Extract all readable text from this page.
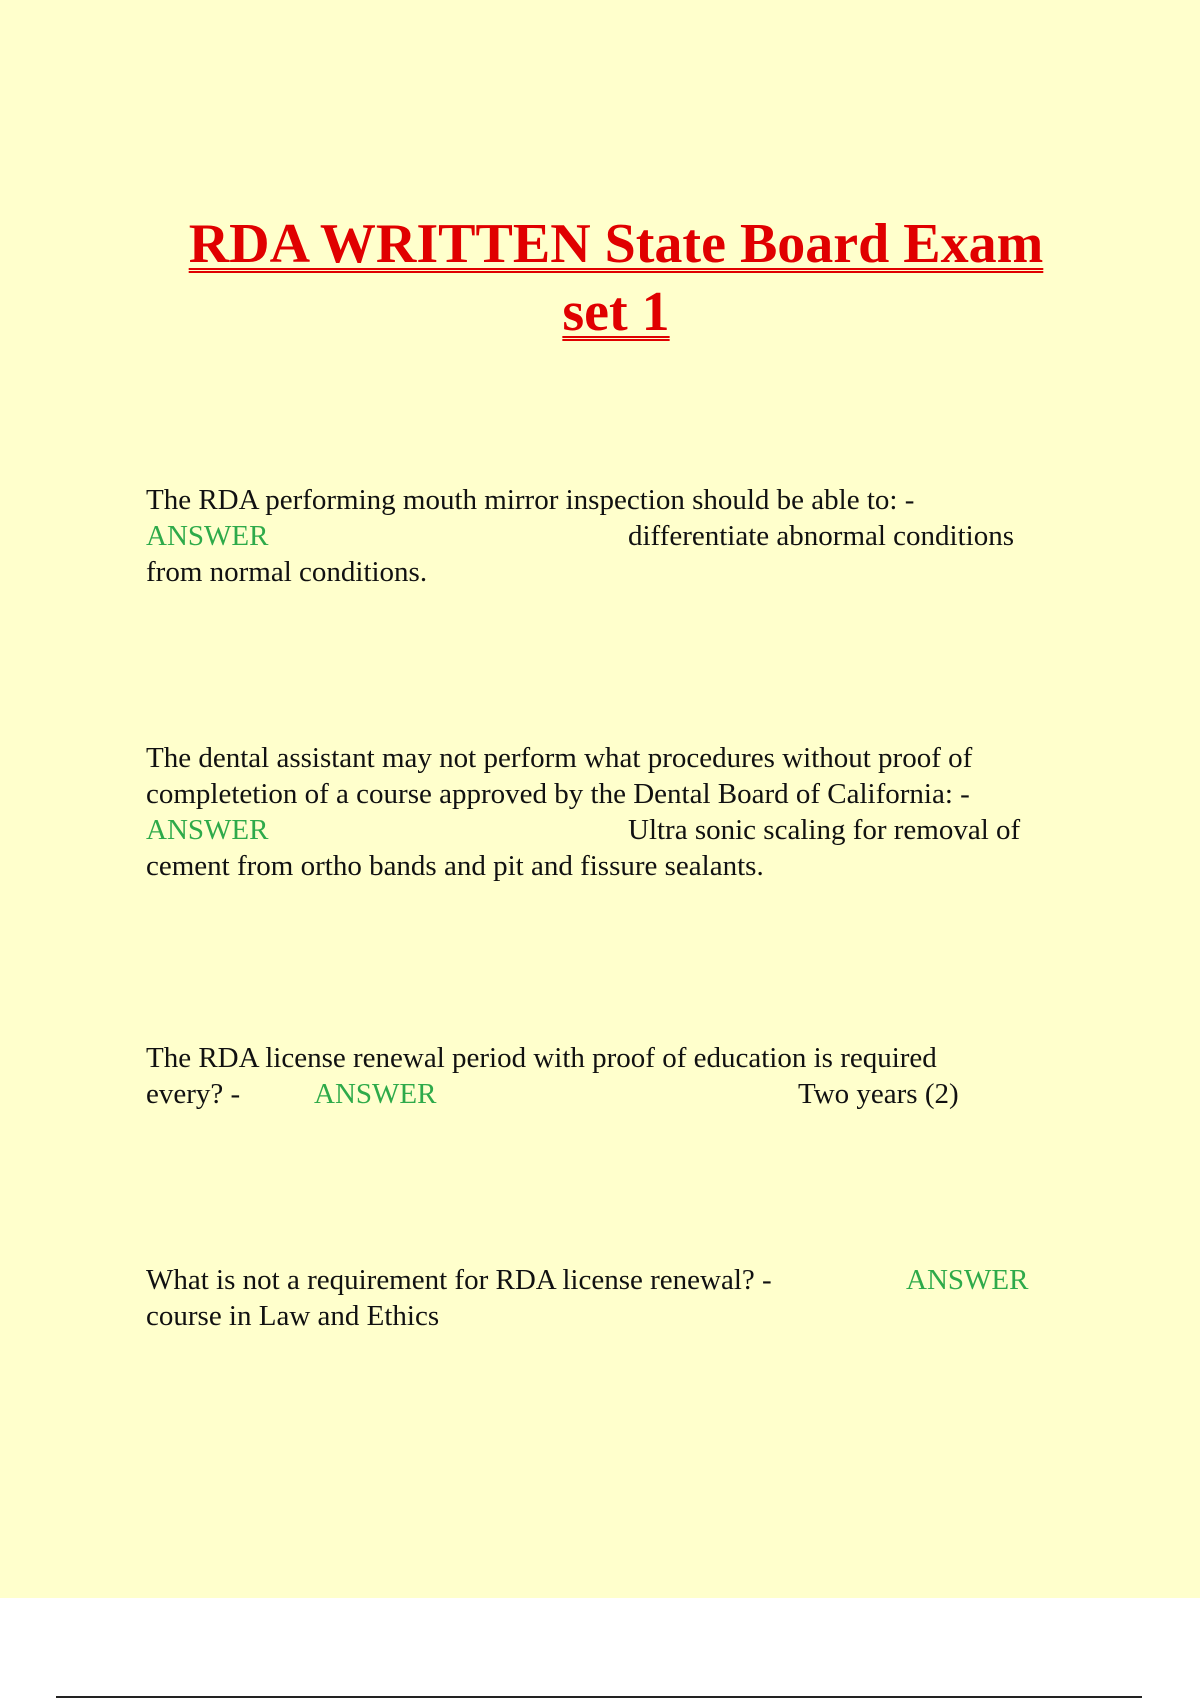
RDA WRITTEN State Board Exam
set 1
The RDA performing mouth mirror inspection should be able to: -
ANSWER	differentiate abnormal conditions
from normal conditions.
The dental assistant may not perform what procedures without proof of
completetion of a course approved by the Dental Board of California: -
ANSWER	Ultra sonic scaling for removal of
cement from ortho bands and pit and fissure sealants.
The RDA license renewal period with proof of education is required
every? -	ANSWER	Two years (2)
What is not a requirement for RDA license renewal? -	ANSWER
course in Law and Ethics
